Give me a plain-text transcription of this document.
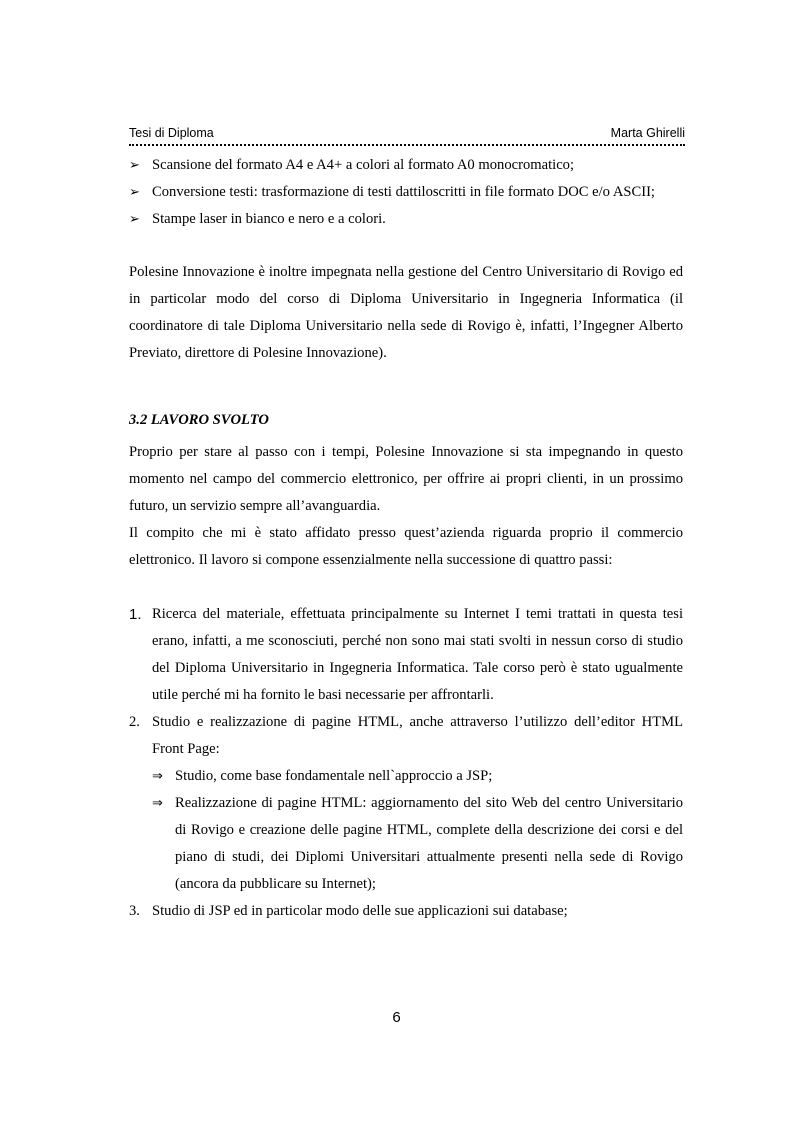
Tesi di Diploma	Marta Ghirelli
➢ Scansione del formato A4 e A4+ a colori al formato A0 monocromatico;
➢ Conversione testi: trasformazione di testi dattiloscritti in file formato DOC e/o ASCII;
➢ Stampe laser in bianco e nero e a colori.

Polesine Innovazione è inoltre impegnata nella gestione del Centro Universitario di Rovigo ed in particolar modo del corso di Diploma Universitario in Ingegneria Informatica (il coordinatore di tale Diploma Universitario nella sede di Rovigo è, infatti, l’Ingegner Alberto Previato, direttore di Polesine Innovazione).

3.2 LAVORO SVOLTO

Proprio per stare al passo con i tempi, Polesine Innovazione si sta impegnando in questo momento nel campo del commercio elettronico, per offrire ai propri clienti, in un prossimo futuro, un servizio sempre all’avanguardia.

Il compito che mi è stato affidato presso quest’azienda riguarda proprio il commercio elettronico. Il lavoro si compone essenzialmente nella successione di quattro passi:

1. Ricerca del materiale, effettuata principalmente su Internet I temi trattati in questa tesi erano, infatti, a me sconosciuti, perché non sono mai stati svolti in nessun corso di studio del Diploma Universitario in Ingegneria Informatica. Tale corso però è stato ugualmente utile perché mi ha fornito le basi necessarie per affrontarli.
2. Studio e realizzazione di pagine HTML, anche attraverso l’utilizzo dell’editor HTML Front Page:
⇒ Studio, come base fondamentale nell`approccio a JSP;
⇒ Realizzazione di pagine HTML: aggiornamento del sito Web del centro Universitario di Rovigo e creazione delle pagine HTML, complete della descrizione dei corsi e del piano di studi, dei Diplomi Universitari attualmente presenti nella sede di Rovigo (ancora da pubblicare su Internet);
3. Studio di JSP ed in particolar modo delle sue applicazioni sui database;
6
